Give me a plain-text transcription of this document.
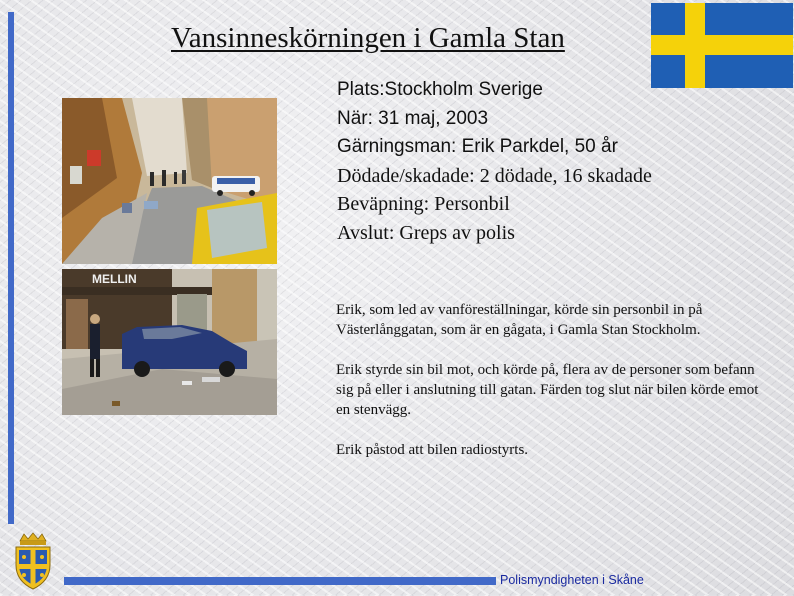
Vansinneskörningen i Gamla Stan
Plats:Stockholm Sverige
När: 31 maj, 2003
Gärningsman: Erik Parkdel, 50 år
Dödade/skadade: 2 dödade, 16 skadade
Beväpning: Personbil
Avslut: Greps av polis
MELLIN

Erik, som led av vanföreställningar, körde sin personbil in på Västerlånggatan, som är en gågata, i Gamla Stan Stockholm.

Erik styrde sin bil mot, och körde på, flera av de personer som befann sig på eller i anslutning till gatan. Färden tog slut när bilen körde emot en stenvägg.

Erik påstod att bilen radiostyrts.

Polismyndigheten i Skåne
